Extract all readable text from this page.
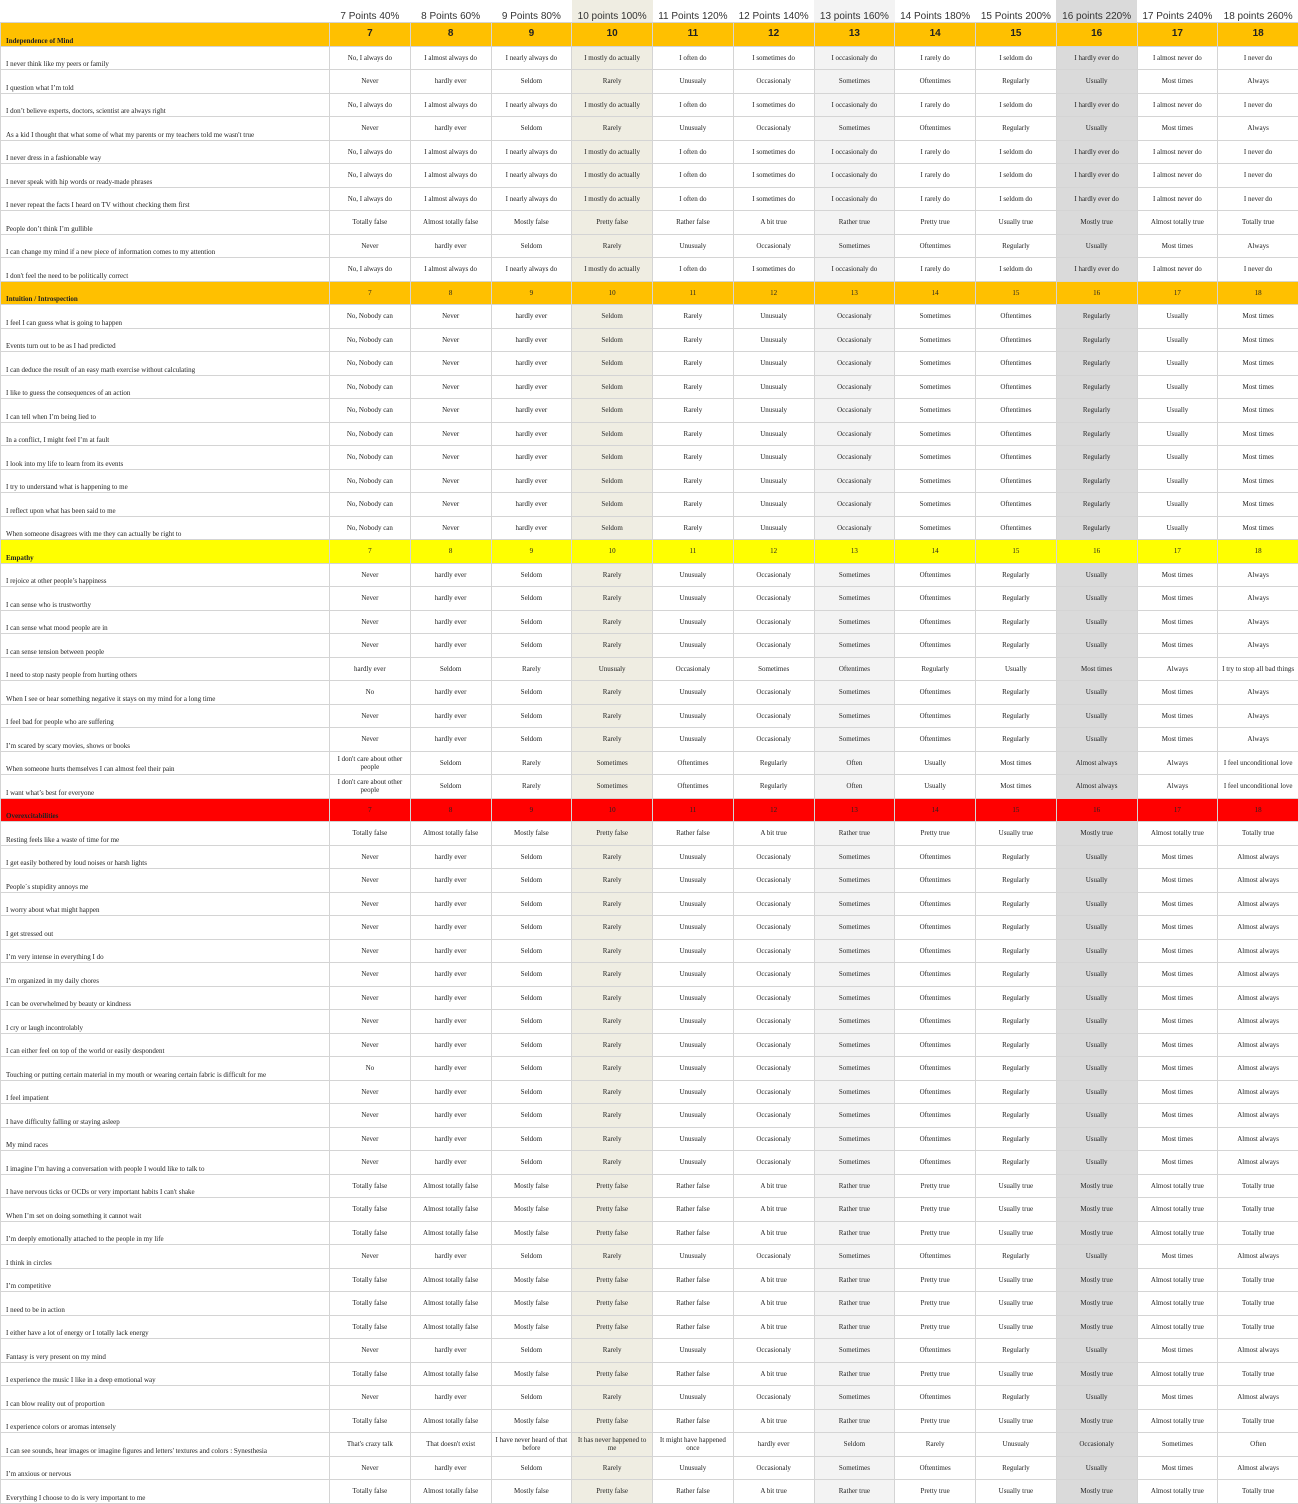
	7 Points 40%	8 Points 60%	9 Points 80%	10 points 100%	11 Points 120%	12 Points 140%	13 points 160%	14 Points 180%	15 Points 200%	16 points 220%	17 Points 240%	18 points 260%
Independence of Mind	7	8	9	10	11	12	13	14	15	16	17	18
I never think like my peers or family	No, I always do	I almost always do	I nearly always do	I mostly do actually	I often do	I sometimes do	I occasionaly do	I rarely do	I seldom do	I hardly ever do	I almost never do	I never do
I question what I’m told	Never	hardly ever	Seldom	Rarely	Unusualy	Occasionaly	Sometimes	Oftentimes	Regularly	Usually	Most times	Always
I don’t believe experts, doctors, scientist are always right	No, I always do	I almost always do	I nearly always do	I mostly do actually	I often do	I sometimes do	I occasionaly do	I rarely do	I seldom do	I hardly ever do	I almost never do	I never do
As a kid I thought that what some of what my parents or my teachers told me wasn't true	Never	hardly ever	Seldom	Rarely	Unusualy	Occasionaly	Sometimes	Oftentimes	Regularly	Usually	Most times	Always
I never dress in a fashionable way	No, I always do	I almost always do	I nearly always do	I mostly do actually	I often do	I sometimes do	I occasionaly do	I rarely do	I seldom do	I hardly ever do	I almost never do	I never do
I never speak with hip words or ready-made phrases	No, I always do	I almost always do	I nearly always do	I mostly do actually	I often do	I sometimes do	I occasionaly do	I rarely do	I seldom do	I hardly ever do	I almost never do	I never do
I never repeat the facts I heard on TV without checking them first	No, I always do	I almost always do	I nearly always do	I mostly do actually	I often do	I sometimes do	I occasionaly do	I rarely do	I seldom do	I hardly ever do	I almost never do	I never do
People don’t think I’m gullible	Totally false	Almost totally false	Mostly false	Pretty false	Rather false	A bit true	Rather true	Pretty true	Usually true	Mostly true	Almost totally true	Totally true
I can change my mind if a new piece of information comes to my attention	Never	hardly ever	Seldom	Rarely	Unusualy	Occasionaly	Sometimes	Oftentimes	Regularly	Usually	Most times	Always
I don't feel the need to be politically correct	No, I always do	I almost always do	I nearly always do	I mostly do actually	I often do	I sometimes do	I occasionaly do	I rarely do	I seldom do	I hardly ever do	I almost never do	I never do
Intuition / Introspection	7	8	9	10	11	12	13	14	15	16	17	18
I feel I can guess what is going to happen	No, Nobody can	Never	hardly ever	Seldom	Rarely	Unusualy	Occasionaly	Sometimes	Oftentimes	Regularly	Usually	Most times
Events turn out to be as I had predicted	No, Nobody can	Never	hardly ever	Seldom	Rarely	Unusualy	Occasionaly	Sometimes	Oftentimes	Regularly	Usually	Most times
I can deduce the result of an easy math exercise without calculating	No, Nobody can	Never	hardly ever	Seldom	Rarely	Unusualy	Occasionaly	Sometimes	Oftentimes	Regularly	Usually	Most times
I like to guess the consequences of an action	No, Nobody can	Never	hardly ever	Seldom	Rarely	Unusualy	Occasionaly	Sometimes	Oftentimes	Regularly	Usually	Most times
I can tell when I’m being lied to	No, Nobody can	Never	hardly ever	Seldom	Rarely	Unusualy	Occasionaly	Sometimes	Oftentimes	Regularly	Usually	Most times
In a conflict, I might feel I’m at fault	No, Nobody can	Never	hardly ever	Seldom	Rarely	Unusualy	Occasionaly	Sometimes	Oftentimes	Regularly	Usually	Most times
I look into my life to learn from its events	No, Nobody can	Never	hardly ever	Seldom	Rarely	Unusualy	Occasionaly	Sometimes	Oftentimes	Regularly	Usually	Most times
I try to understand what is happening to me	No, Nobody can	Never	hardly ever	Seldom	Rarely	Unusualy	Occasionaly	Sometimes	Oftentimes	Regularly	Usually	Most times
I reflect upon what has been said to me	No, Nobody can	Never	hardly ever	Seldom	Rarely	Unusualy	Occasionaly	Sometimes	Oftentimes	Regularly	Usually	Most times
When someone disagrees with me they can actually be right to	No, Nobody can	Never	hardly ever	Seldom	Rarely	Unusualy	Occasionaly	Sometimes	Oftentimes	Regularly	Usually	Most times
Empathy	7	8	9	10	11	12	13	14	15	16	17	18
I rejoice at other people’s happiness	Never	hardly ever	Seldom	Rarely	Unusualy	Occasionaly	Sometimes	Oftentimes	Regularly	Usually	Most times	Always
I can sense who is trustworthy	Never	hardly ever	Seldom	Rarely	Unusualy	Occasionaly	Sometimes	Oftentimes	Regularly	Usually	Most times	Always
I can sense what mood people are in	Never	hardly ever	Seldom	Rarely	Unusualy	Occasionaly	Sometimes	Oftentimes	Regularly	Usually	Most times	Always
I can sense tension between people	Never	hardly ever	Seldom	Rarely	Unusualy	Occasionaly	Sometimes	Oftentimes	Regularly	Usually	Most times	Always
I need to stop nasty people from hurting others	hardly ever	Seldom	Rarely	Unusualy	Occasionaly	Sometimes	Oftentimes	Regularly	Usually	Most times	Always	I try to stop all bad things
When I see or hear something negative it stays on my mind for a long time	No	hardly ever	Seldom	Rarely	Unusualy	Occasionaly	Sometimes	Oftentimes	Regularly	Usually	Most times	Always
I feel bad for people who are suffering	Never	hardly ever	Seldom	Rarely	Unusualy	Occasionaly	Sometimes	Oftentimes	Regularly	Usually	Most times	Always
I’m scared by scary movies, shows or books	Never	hardly ever	Seldom	Rarely	Unusualy	Occasionaly	Sometimes	Oftentimes	Regularly	Usually	Most times	Always
When someone hurts themselves I can almost feel their pain	I don't care about other people	Seldom	Rarely	Sometimes	Oftentimes	Regularly	Often	Usually	Most times	Almost always	Always	I feel unconditional love
I want what’s best for everyone	I don't care about other people	Seldom	Rarely	Sometimes	Oftentimes	Regularly	Often	Usually	Most times	Almost always	Always	I feel unconditional love
Overexcitabilities	7	8	9	10	11	12	13	14	15	16	17	18
Resting feels like a waste of time for me	Totally false	Almost totally false	Mostly false	Pretty false	Rather false	A bit true	Rather true	Pretty true	Usually true	Mostly true	Almost totally true	Totally true
I get easily bothered by loud noises or harsh lights	Never	hardly ever	Seldom	Rarely	Unusualy	Occasionaly	Sometimes	Oftentimes	Regularly	Usually	Most times	Almost always
People´s stupidity annoys me	Never	hardly ever	Seldom	Rarely	Unusualy	Occasionaly	Sometimes	Oftentimes	Regularly	Usually	Most times	Almost always
I worry about what might happen	Never	hardly ever	Seldom	Rarely	Unusualy	Occasionaly	Sometimes	Oftentimes	Regularly	Usually	Most times	Almost always
I get stressed out	Never	hardly ever	Seldom	Rarely	Unusualy	Occasionaly	Sometimes	Oftentimes	Regularly	Usually	Most times	Almost always
I’m very intense in everything I do	Never	hardly ever	Seldom	Rarely	Unusualy	Occasionaly	Sometimes	Oftentimes	Regularly	Usually	Most times	Almost always
I’m organized in my daily chores	Never	hardly ever	Seldom	Rarely	Unusualy	Occasionaly	Sometimes	Oftentimes	Regularly	Usually	Most times	Almost always
I can be overwhelmed by beauty or kindness	Never	hardly ever	Seldom	Rarely	Unusualy	Occasionaly	Sometimes	Oftentimes	Regularly	Usually	Most times	Almost always
I cry or laugh incontrolably	Never	hardly ever	Seldom	Rarely	Unusualy	Occasionaly	Sometimes	Oftentimes	Regularly	Usually	Most times	Almost always
I can either feel on top of the world or easily despondent	Never	hardly ever	Seldom	Rarely	Unusualy	Occasionaly	Sometimes	Oftentimes	Regularly	Usually	Most times	Almost always
Touching or putting certain material in my mouth or wearing certain fabric is difficult for me	No	hardly ever	Seldom	Rarely	Unusualy	Occasionaly	Sometimes	Oftentimes	Regularly	Usually	Most times	Almost always
I feel impatient	Never	hardly ever	Seldom	Rarely	Unusualy	Occasionaly	Sometimes	Oftentimes	Regularly	Usually	Most times	Almost always
I have difficulty falling or staying asleep	Never	hardly ever	Seldom	Rarely	Unusualy	Occasionaly	Sometimes	Oftentimes	Regularly	Usually	Most times	Almost always
My mind races	Never	hardly ever	Seldom	Rarely	Unusualy	Occasionaly	Sometimes	Oftentimes	Regularly	Usually	Most times	Almost always
I imagine I’m having a conversation with people I would like to talk to	Never	hardly ever	Seldom	Rarely	Unusualy	Occasionaly	Sometimes	Oftentimes	Regularly	Usually	Most times	Almost always
I have nervous ticks or OCDs or very important habits I can't shake	Totally false	Almost totally false	Mostly false	Pretty false	Rather false	A bit true	Rather true	Pretty true	Usually true	Mostly true	Almost totally true	Totally true
When I’m set on doing something it cannot wait	Totally false	Almost totally false	Mostly false	Pretty false	Rather false	A bit true	Rather true	Pretty true	Usually true	Mostly true	Almost totally true	Totally true
I’m deeply emotionally attached to the people in my life	Totally false	Almost totally false	Mostly false	Pretty false	Rather false	A bit true	Rather true	Pretty true	Usually true	Mostly true	Almost totally true	Totally true
I think in circles	Never	hardly ever	Seldom	Rarely	Unusualy	Occasionaly	Sometimes	Oftentimes	Regularly	Usually	Most times	Almost always
I’m competitive	Totally false	Almost totally false	Mostly false	Pretty false	Rather false	A bit true	Rather true	Pretty true	Usually true	Mostly true	Almost totally true	Totally true
I need to be in action	Totally false	Almost totally false	Mostly false	Pretty false	Rather false	A bit true	Rather true	Pretty true	Usually true	Mostly true	Almost totally true	Totally true
I either have a lot of energy or I totally lack energy	Totally false	Almost totally false	Mostly false	Pretty false	Rather false	A bit true	Rather true	Pretty true	Usually true	Mostly true	Almost totally true	Totally true
Fantasy is very present on my mind	Never	hardly ever	Seldom	Rarely	Unusualy	Occasionaly	Sometimes	Oftentimes	Regularly	Usually	Most times	Almost always
I experience the music I like in a deep emotional way	Totally false	Almost totally false	Mostly false	Pretty false	Rather false	A bit true	Rather true	Pretty true	Usually true	Mostly true	Almost totally true	Totally true
I can blow reality out of proportion	Never	hardly ever	Seldom	Rarely	Unusualy	Occasionaly	Sometimes	Oftentimes	Regularly	Usually	Most times	Almost always
I experience colors or aromas intensely	Totally false	Almost totally false	Mostly false	Pretty false	Rather false	A bit true	Rather true	Pretty true	Usually true	Mostly true	Almost totally true	Totally true
I can see sounds, hear images or imagine figures and letters' textures and colors : Synesthesia	That's crazy talk	That doesn't exist	I have never heard of that before	It has never happened to me	It might have happened once	hardly ever	Seldom	Rarely	Unusualy	Occasionaly	Sometimes	Often
I’m anxious or nervous	Never	hardly ever	Seldom	Rarely	Unusualy	Occasionaly	Sometimes	Oftentimes	Regularly	Usually	Most times	Almost always
Everything I choose to do is very important to me	Totally false	Almost totally false	Mostly false	Pretty false	Rather false	A bit true	Rather true	Pretty true	Usually true	Mostly true	Almost totally true	Totally true
